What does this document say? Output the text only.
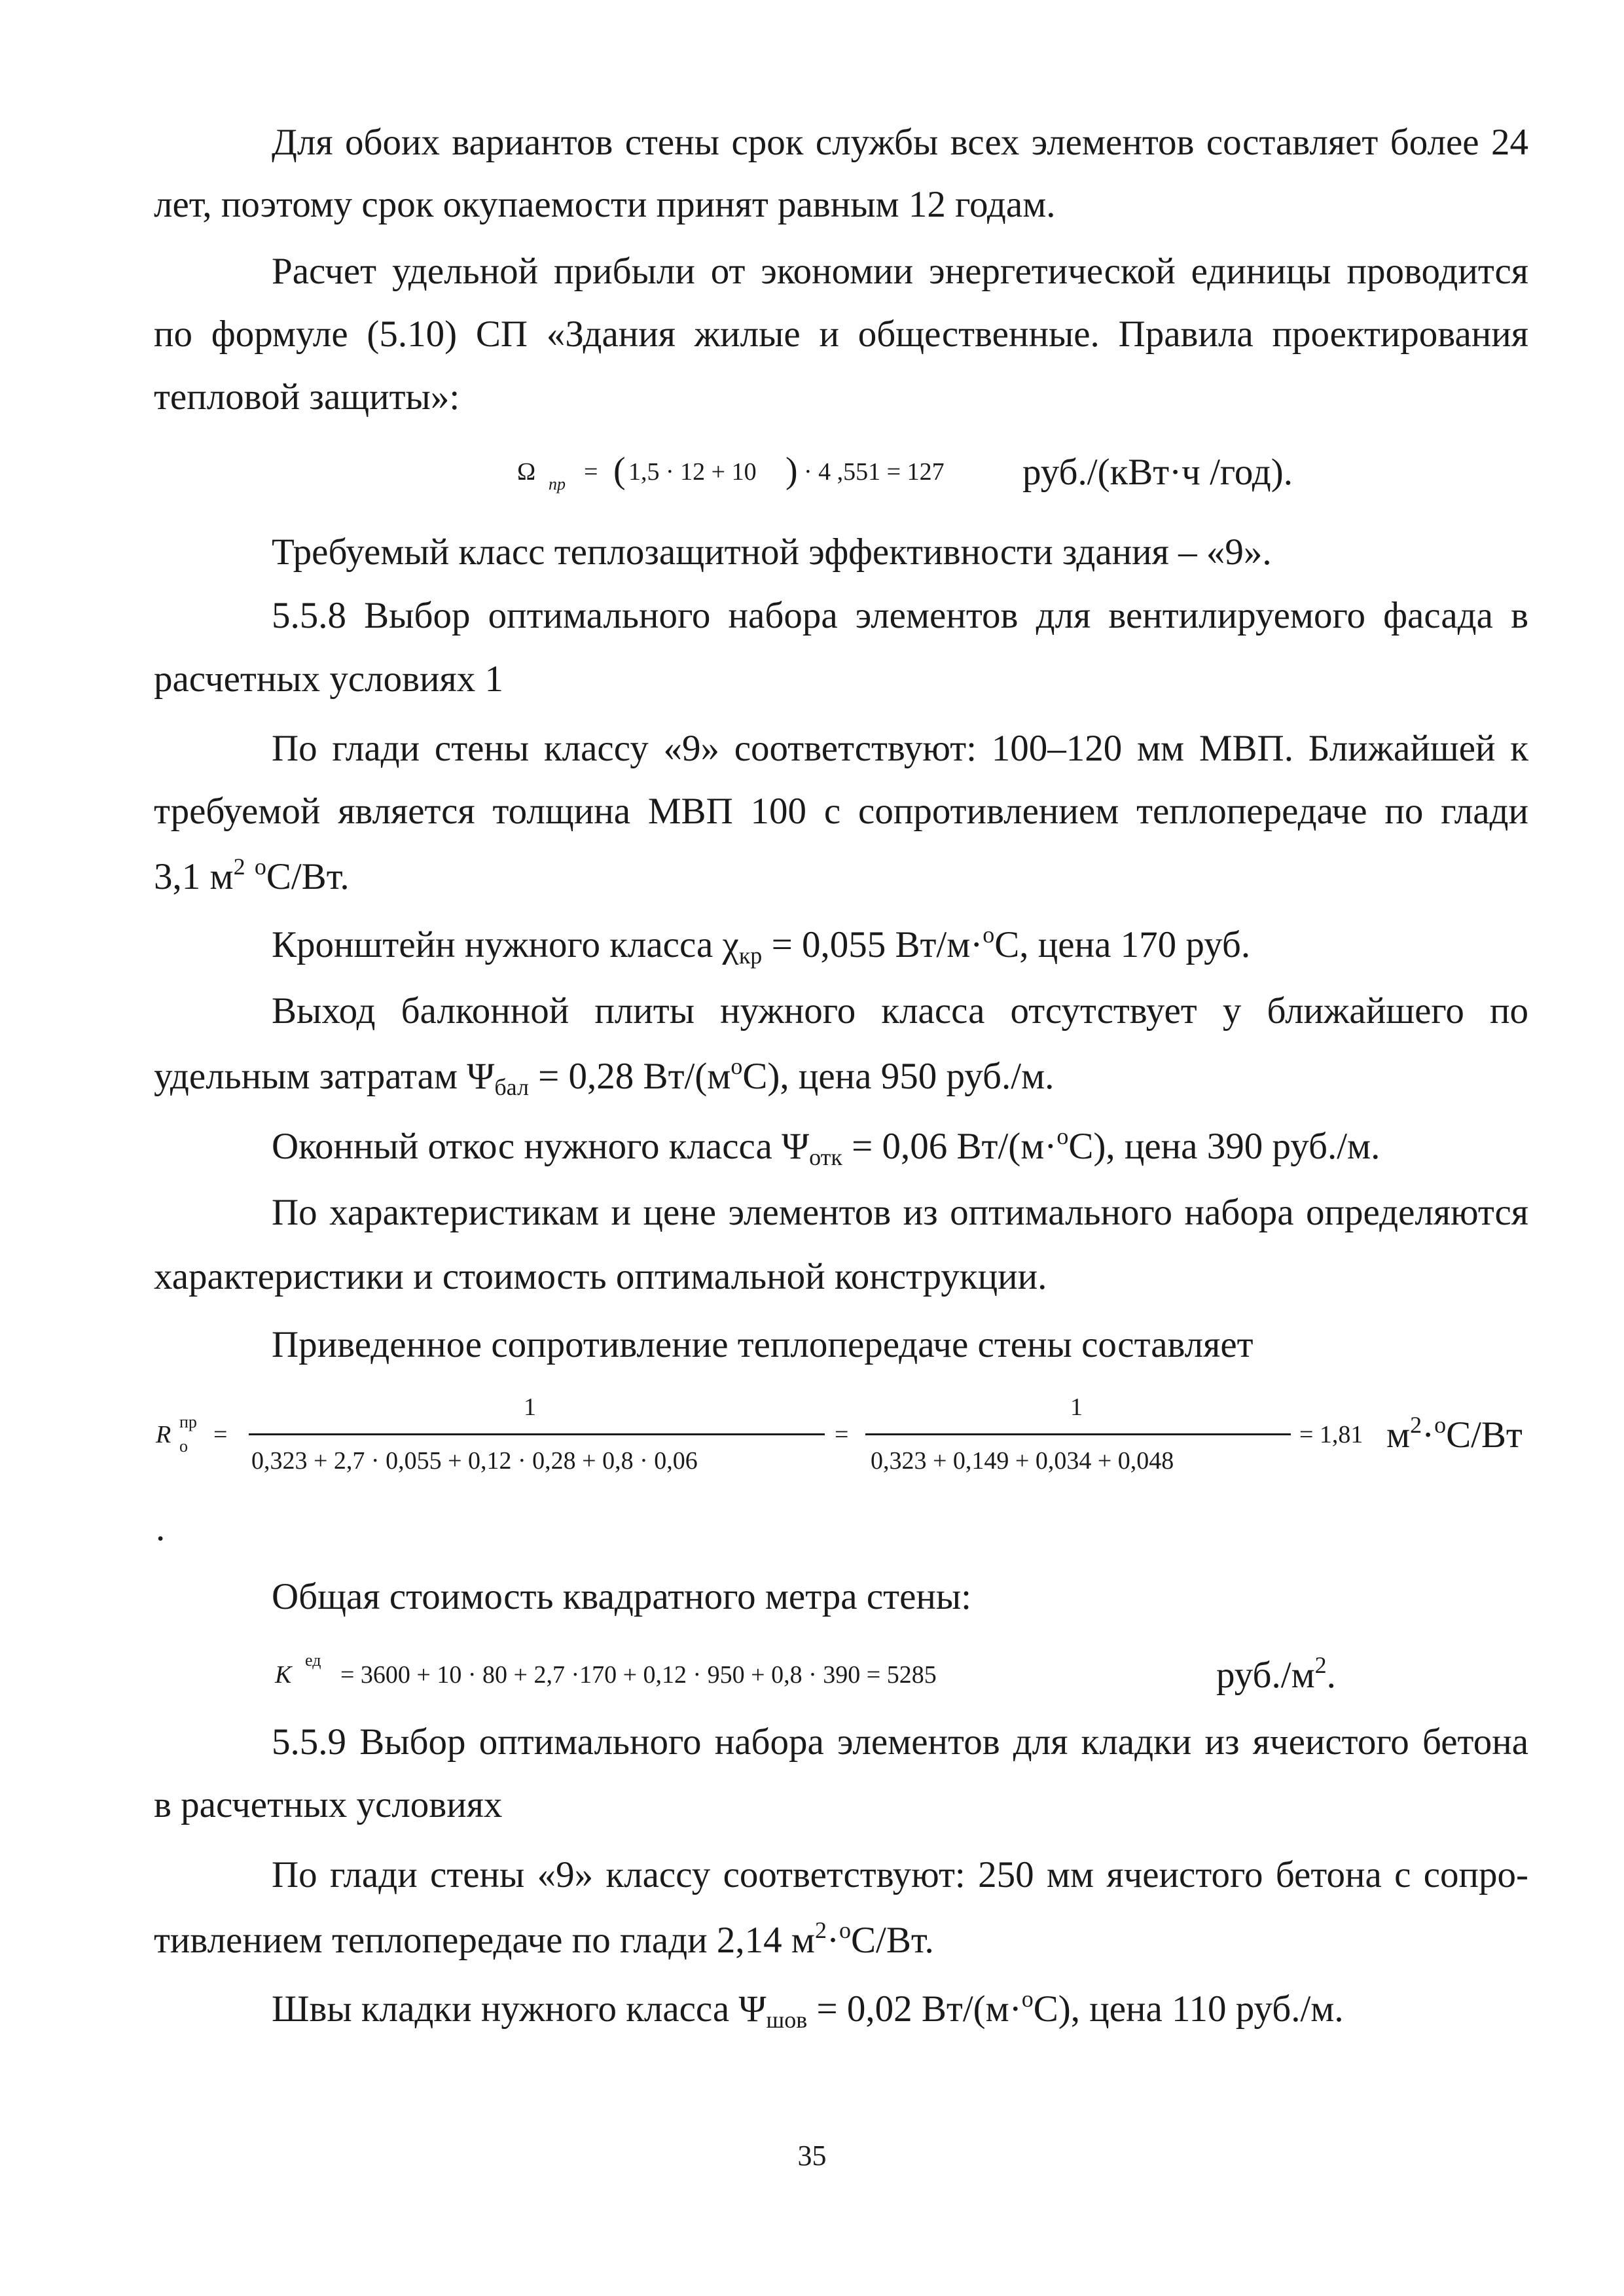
Для обоих вариантов стены срок службы всех элементов составляет более 24
лет, поэтому срок окупаемости принят равным 12 годам.
Расчет удельной прибыли от экономии энергетической единицы проводится
по формуле (5.10) СП «Здания жилые и общественные. Правила проектирования
тепловой защиты»:
Ω пр = ( 1,5 · 12 + 10 ) · 4 ,551 = 127 руб./(кВт·ч /год).
Требуемый класс теплозащитной эффективности здания – «9».
5.5.8 Выбор оптимального набора элементов для вентилируемого фасада в
расчетных условиях 1
По глади стены классу «9» соответствуют: 100–120 мм МВП. Ближайшей к
требуемой является толщина МВП 100 с сопротивлением теплопередаче по глади
3,1 $м^2$ $^o$С/Вт.
Кронштейн нужного класса $\chi_{кр} = 0,055$ Вт/м·$^o$С, цена 170 руб.
Выход балконной плиты нужного класса отсутствует у ближайшего по
удельным затратам $\Psi_{бал} = 0,28$ $Вт/(м^oС)$, цена 950 руб./м.
Оконный откос нужного класса $\Psi_{отк} = 0,06$ Вт/(м·$^o$С), цена 390 руб./м.
По характеристикам и цене элементов из оптимального набора определяются
характеристики и стоимость оптимальной конструкции.
Приведенное сопротивление теплопередаче стены составляет
R пр
о =
1
0,323 + 2,7 · 0,055 + 0,12 · 0,28 + 0,8 · 0,06
=
1
0,323 + 0,149 + 0,034 + 0,048
= 1,81 $м^2\cdot^oС/Вт$
.
Общая стоимость квадратного метра стены:
K
ед
= 3600 + 10 · 80 + 2,7 ·170 + 0,12 · 950 + 0,8 · 390 = 5285	$руб./м^2$.
5.5.9 Выбор оптимального набора элементов для кладки из ячеистого бетона
в расчетных условиях
По глади стены «9» классу соответствуют: 250 мм ячеистого бетона с сопро-
тивлением теплопередаче по глади 2,14 $м^2\cdot^oС/Вт$.
Швы кладки нужного класса $\Psi_{шов} = 0,02$ Вт/(м·$^o$С), цена 110 руб./м.
35
